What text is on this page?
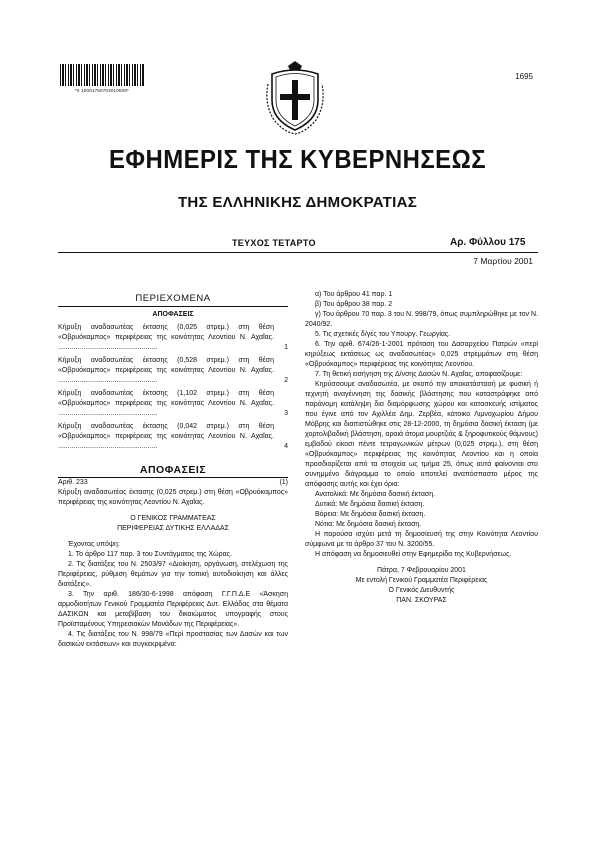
*0 10001750703010008*
1695
ΕΦΗΜΕΡΙΣ ΤΗΣ ΚΥΒΕΡΝΗΣΕΩΣ
ΤΗΣ ΕΛΛΗΝΙΚΗΣ ΔΗΜΟΚΡΑΤΙΑΣ
ΤΕΥΧΟΣ ΤΕΤΑΡΤΟ	Αρ. Φύλλου 175
7 Μαρτίου 2001
ΠΕΡΙΕΧΟΜΕΝΑ
ΑΠΟΦΑΣΕΙΣ
Κήρυξη αναδασωτέας έκτασης (0,025 στρεμ.) στη θέση «Οβρυόκαμπος» περιφέρειας της κοινότητας Λεοντίου Ν. Αχαΐας. ...................................................	1
Κήρυξη αναδασωτέας έκτασης (0,528 στρεμ.) στη θέση «Οβρυόκαμπος» περιφέρειας της κοινότητας Λεοντίου Ν. Αχαΐας. ...................................................	2
Κήρυξη αναδασωτέας έκτασης (1,102 στρεμ.) στη θέση «Οβρυόκαμπος» περιφέρειας της κοινότητας Λεοντίου Ν. Αχαΐας. ...................................................	3
Κήρυξη αναδασωτέας έκτασης (0,042 στρεμ.) στη θέση «Οβρυόκαμπος» περιφέρειας της κοινότητας Λεοντίου Ν. Αχαΐας. ...................................................	4
ΑΠΟΦΑΣΕΙΣ
Αριθ. 233	(1)

Κήρυξη αναδασωτέας έκτασης (0,025 στρεμ.) στη θέση «Οβρυόκαμπος» περιφέρειας της κοινότητας Λεοντίου Ν. Αχαΐας.

Ο ΓΕΝΙΚΟΣ ΓΡΑΜΜΑΤΕΑΣ

ΠΕΡΙΦΕΡΕΙΑΣ ΔΥΤΙΚΗΣ ΕΛΛΑΔΑΣ

Έχοντας υπόψη:

1. Το άρθρο 117 παρ. 3 του Συντάγματος της Χώρας.

2. Τις διατάξεις του Ν. 2503/97 «Διοίκηση, οργάνωση, στελέχωση της Περιφέρειας, ρύθμιση θεμάτων για την τοπική αυτοδιοίκηση και άλλες διατάξεις».

3. Την αριθ. 186/30-6-1998 απόφαση Γ.Γ.Π.Δ.Ε «Άσκηση αρμοδιοτήτων Γενικού Γραμματέα Περιφέρειας Δυτ. Ελλάδας στα θέματα ΔΑΣΙΚΩΝ και μεταβίβαση του δικαιώματος υπογραφής στους Προϊσταμένους Υπηρεσιακών Μονάδων της Περιφέρειας».

4. Τις διατάξεις του Ν. 998/79 «Περί προστασίας των Δασών και των δασικών εκτάσεων» και συγκεκριμένα:

α) Του άρθρου 41 παρ. 1

β) Του άρθρου 38 παρ. 2

γ) Του άρθρου 70 παρ. 3 του Ν. 998/79, όπως συμπληρώθηκε με τον Ν. 2040/92.

5. Τις σχετικές δ/γές του Υπουργ. Γεωργίας.

6. Την αριθ. 674/26-1-2001 πρόταση του Δασαρχείου Πατρών «περί κηρύξεως εκτάσεως ως αναδασωτέας» 0,025 στρεμμάτων στη θέση «Οβρυόκαμπος» περιφέρειας της κοινότητας Λεοντίου.

7. Τη θετική εισήγηση της Δ/νσης Δασών Ν. Αχαΐας, αποφασίζουμε:

Κηρύσσουμε αναδασωτέα, με σκοπό την αποκατάστασή με φυσική ή τεχνητή αναγέννηση της δασικής βλάστησης που καταστράφηκε από παράνομη κατάληψη δια διαμόρφωσης χώρου και κατασκευής ιστίματος που έγινε από τον Αχιλλέα Δημ. Ζερβέα, κάτοικο Λιμνοχωρίου Δήμου Μόβρης και διαπιστώθηκε στις 28-12-2000, τη δημόσια δασική έκταση (με χορτολιβαδική βλάστηση, αραιά άτομα μουρτζιάς & ξηροφυτικούς θάμνους) εμβαδού είκοσι πέντε τετραγωνικών μέτρων (0,025 στρεμ.), στη θέση «Οβρυόκαμπος» περιφέρειας της κοινότητας Λεοντίου και η οποία προσδιορίζεται από τα στοιχεία ως τμήμα 25, όπως αυτά φαίνονται στο συνημμένο διάγραμμα το οποίο αποτελεί αναπόσπαστο μέρος της απόφασης αυτής και έχει όρια:

Ανατολικά: Με δημόσια δασική έκταση.

Δυτικά: Με δημόσια δασική έκταση.

Βόρεια: Με δημόσια δασική έκταση.

Νότια: Με δημόσια δασική έκταση.

Η παρούσα ισχύει μετά τη δημοσίευσή της στην Κοινότητα Λεοντίου σύμφωνα με το άρθρο 37 του Ν. 3200/55.

Η απόφαση να δημοσιευθεί στην Εφημερίδα της Κυβερνήσεως.

Πάτρα, 7 Φεβρουαρίου 2001

Με εντολή Γενικού Γραμματέα Περιφέρειας

Ο Γενικός Διευθυντής

ΠΑΝ. ΣΚΟΥΡΑΣ
